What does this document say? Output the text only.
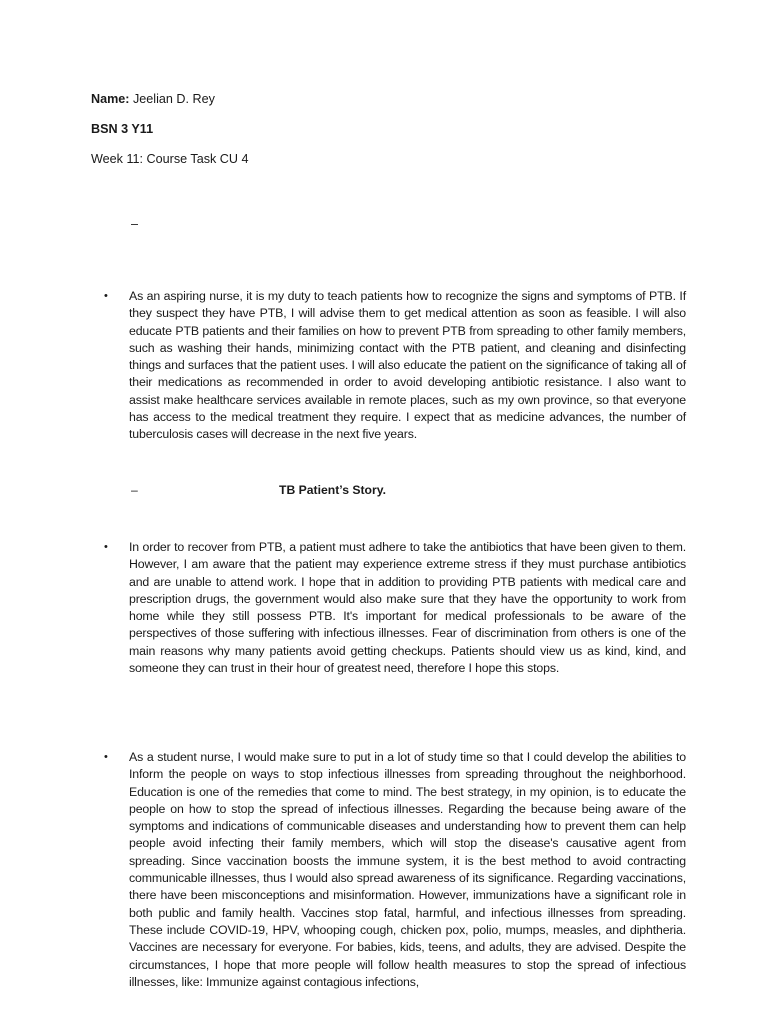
Name: Jeelian D. Rey
BSN 3 Y11
Week 11: Course Task CU 4
–
• As an aspiring nurse, it is my duty to teach patients how to recognize the signs and symptoms of PTB. If they suspect they have PTB, I will advise them to get medical attention as soon as feasible. I will also educate PTB patients and their families on how to prevent PTB from spreading to other family members, such as washing their hands, minimizing contact with the PTB patient, and cleaning and disinfecting things and surfaces that the patient uses. I will also educate the patient on the significance of taking all of their medications as recommended in order to avoid developing antibiotic resistance. I also want to assist make healthcare services available in remote places, such as my own province, so that everyone has access to the medical treatment they require. I expect that as medicine advances, the number of tuberculosis cases will decrease in the next five years.
–	TB Patient’s Story.
• In order to recover from PTB, a patient must adhere to take the antibiotics that have been given to them. However, I am aware that the patient may experience extreme stress if they must purchase antibiotics and are unable to attend work. I hope that in addition to providing PTB patients with medical care and prescription drugs, the government would also make sure that they have the opportunity to work from home while they still possess PTB. It's important for medical professionals to be aware of the perspectives of those suffering with infectious illnesses. Fear of discrimination from others is one of the main reasons why many patients avoid getting checkups. Patients should view us as kind, kind, and someone they can trust in their hour of greatest need, therefore I hope this stops.
• As a student nurse, I would make sure to put in a lot of study time so that I could develop the abilities to Inform the people on ways to stop infectious illnesses from spreading throughout the neighborhood. Education is one of the remedies that come to mind. The best strategy, in my opinion, is to educate the people on how to stop the spread of infectious illnesses. Regarding the because being aware of the symptoms and indications of communicable diseases and understanding how to prevent them can help people avoid infecting their family members, which will stop the disease's causative agent from spreading. Since vaccination boosts the immune system, it is the best method to avoid contracting communicable illnesses, thus I would also spread awareness of its significance. Regarding vaccinations, there have been misconceptions and misinformation. However, immunizations have a significant role in both public and family health. Vaccines stop fatal, harmful, and infectious illnesses from spreading. These include COVID-19, HPV, whooping cough, chicken pox, polio, mumps, measles, and diphtheria. Vaccines are necessary for everyone. For babies, kids, teens, and adults, they are advised. Despite the circumstances, I hope that more people will follow health measures to stop the spread of infectious illnesses, like: Immunize against contagious infections,
